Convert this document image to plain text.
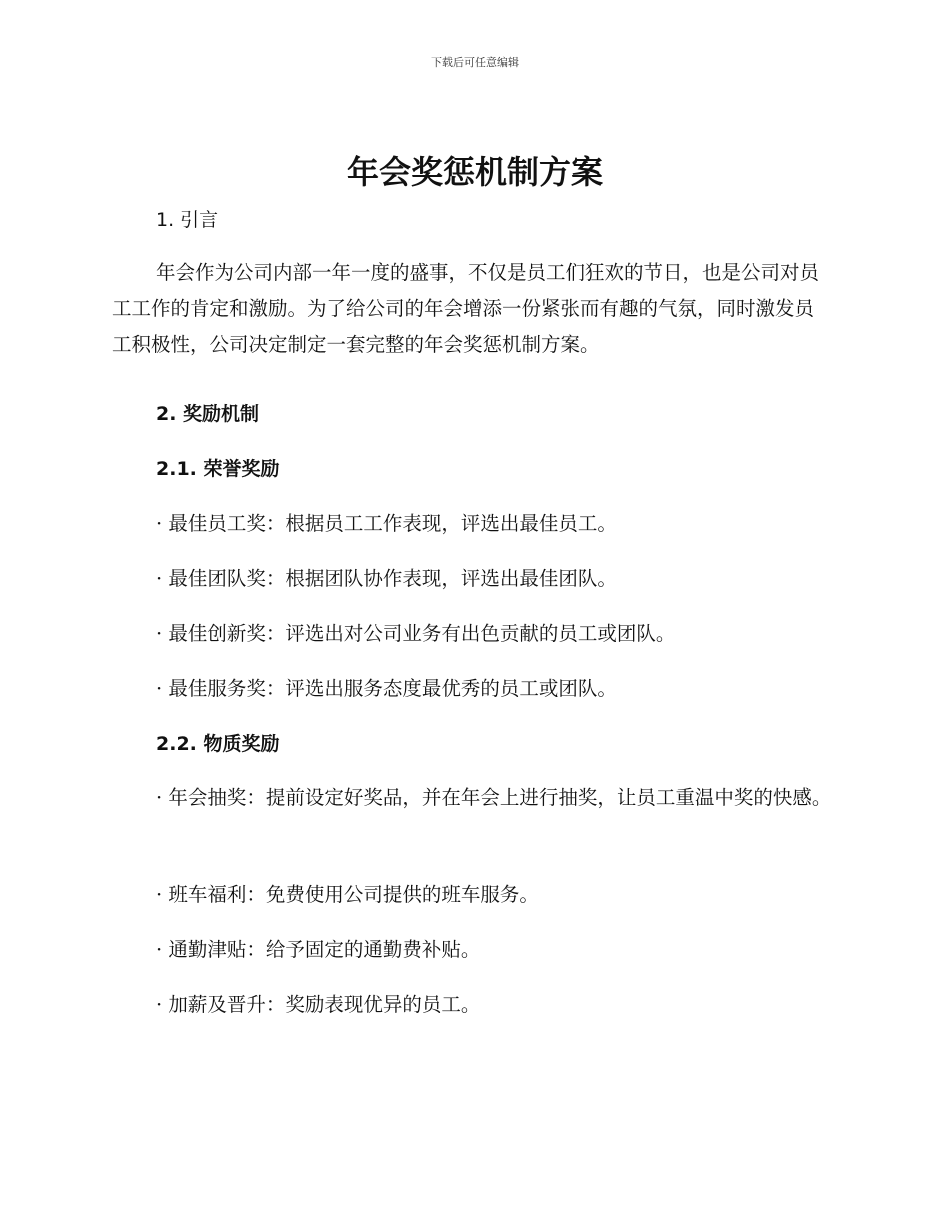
下载后可任意编辑
年会奖惩机制方案
1. 引言

年会作为公司内部一年一度的盛事，不仅是员工们狂欢的节日，也是公司对员工工作的肯定和激励。为了给公司的年会增添一份紧张而有趣的气氛，同时激发员工积极性，公司决定制定一套完整的年会奖惩机制方案。

2. 奖励机制
2.1. 荣誉奖励

· 最佳员工奖：根据员工工作表现，评选出最佳员工。

· 最佳团队奖：根据团队协作表现，评选出最佳团队。

· 最佳创新奖：评选出对公司业务有出色贡献的员工或团队。

· 最佳服务奖：评选出服务态度最优秀的员工或团队。

2.2. 物质奖励

· 年会抽奖：提前设定好奖品，并在年会上进行抽奖，让员工重温中奖的快感。

· 班车福利：免费使用公司提供的班车服务。

· 通勤津贴：给予固定的通勤费补贴。

· 加薪及晋升：奖励表现优异的员工。
